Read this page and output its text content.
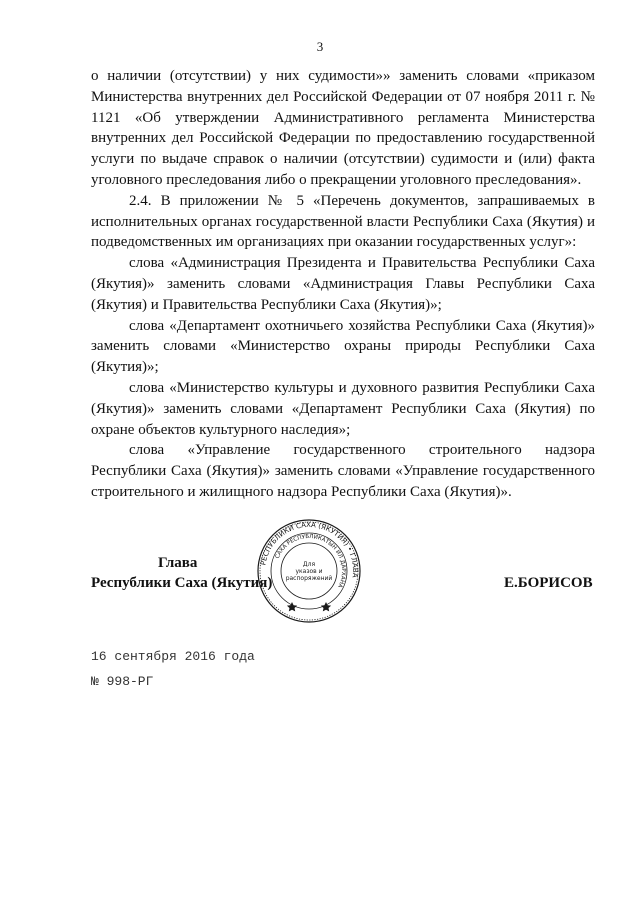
3

о наличии (отсутствии) у них судимости»» заменить словами «приказом Министерства внутренних дел Российской Федерации от 07 ноября 2011 г. № 1121 «Об утверждении Административного регламента Министерства внутренних дел Российской Федерации по предоставлению государственной услуги по выдаче справок о наличии (отсутствии) судимости и (или) факта уголовного преследования либо о прекращении уголовного преследования».

2.4. В приложении № 5 «Перечень документов, запрашиваемых в исполнительных органах государственной власти Республики Саха (Якутия) и подведомственных им организациях при оказании государственных услуг»:

слова «Администрация Президента и Правительства Республики Саха (Якутия)» заменить словами «Администрация Главы Республики Саха (Якутия) и Правительства Республики Саха (Якутия)»;

слова «Департамент охотничьего хозяйства Республики Саха (Якутия)» заменить словами «Министерство охраны природы Республики Саха (Якутия)»;

слова «Министерство культуры и духовного развития Республики Саха (Якутия)» заменить словами «Департамент Республики Саха (Якутия) по охране объектов культурного наследия»;

слова «Управление государственного строительного надзора Республики Саха (Якутия)» заменить словами «Управление государственного строительного и жилищного надзора Республики Саха (Якутия)».

Глава
Республики Саха (Якутия)
РЕСПУБЛИКИ САХА (ЯКУТИЯ) • ГЛАВА
САХА РЕСПУБЛИКАТЫН ИЛ ДАРХАНА
Для
указов и
распоряжений	Е.БОРИСОВ
16 сентября 2016 года
№ 998-РГ
